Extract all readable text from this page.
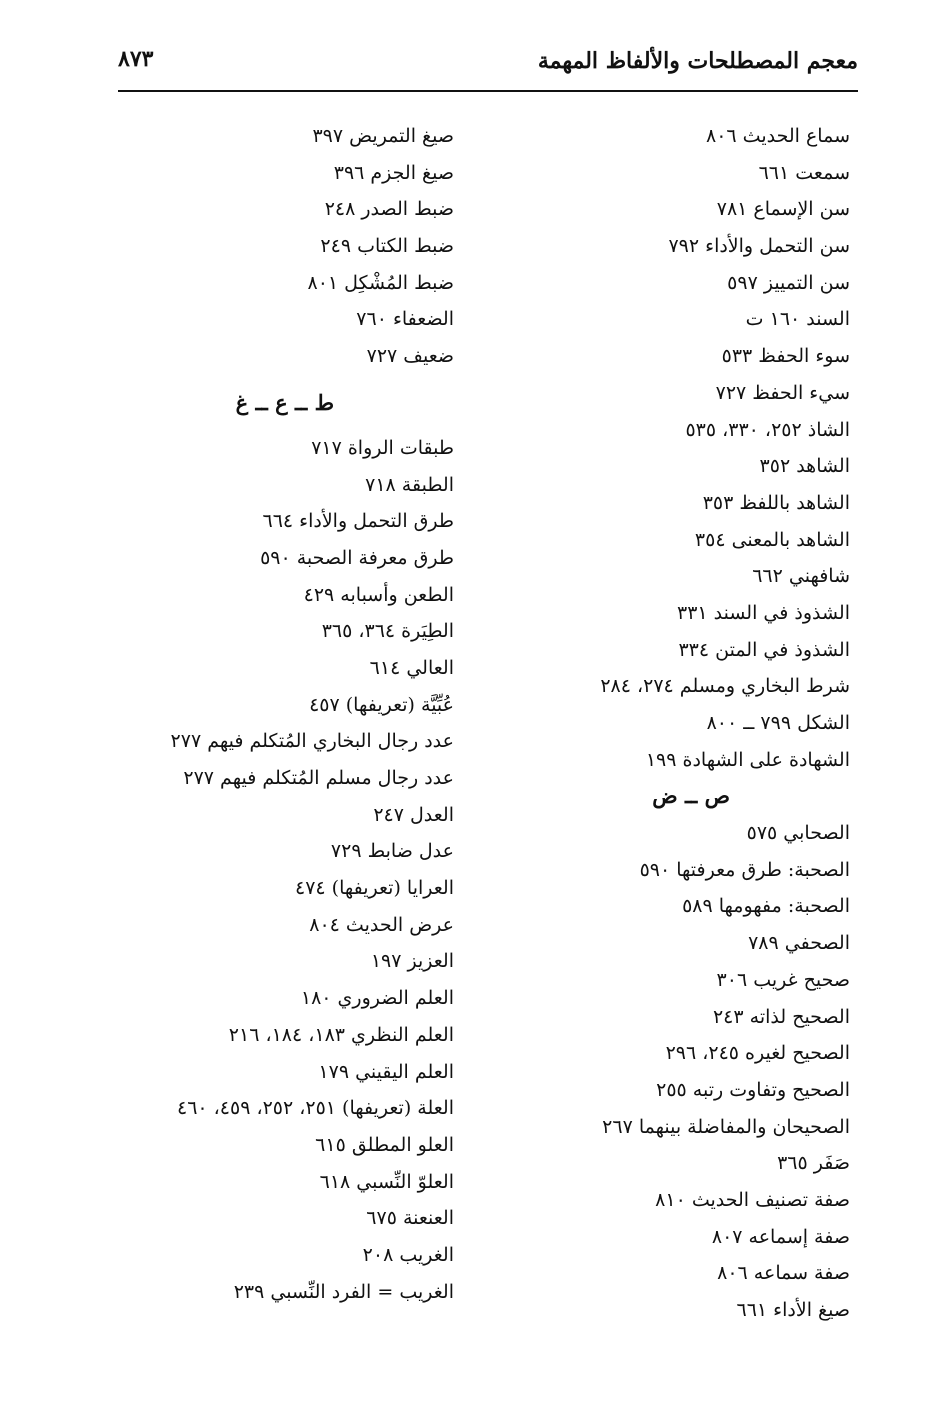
معجم المصطلحات والألفاظ المهمة
٨٧٣
سماع الحديث ٨٠٦
سمعت ٦٦١
سن الإسماع ٧٨١
سن التحمل والأداء ٧٩٢
سن التمييز ٥٩٧
السند ١٦٠ ت
سوء الحفظ ٥٣٣
سيء الحفظ ٧٢٧
الشاذ ٢٥٢، ٣٣٠، ٥٣٥
الشاهد ٣٥٢
الشاهد باللفظ ٣٥٣
الشاهد بالمعنى ٣٥٤
شافهني ٦٦٢
الشذوذ في السند ٣٣١
الشذوذ في المتن ٣٣٤
شرط البخاري ومسلم ٢٧٤، ٢٨٤
الشكل ٧٩٩ ــ ٨٠٠
الشهادة على الشهادة ١٩٩
ص ــ ض
الصحابي ٥٧٥
الصحبة: طرق معرفتها ٥٩٠
الصحبة: مفهومها ٥٨٩
الصحفي ٧٨٩
صحيح غريب ٣٠٦
الصحيح لذاته ٢٤٣
الصحيح لغيره ٢٤٥، ٢٩٦
الصحيح وتفاوت رتبه ٢٥٥
الصحيحان والمفاضلة بينهما ٢٦٧
صَفَر ٣٦٥
صفة تصنيف الحديث ٨١٠
صفة إسماعه ٨٠٧
صفة سماعه ٨٠٦
صيغ الأداء ٦٦١
صيغ التمريض ٣٩٧
صيغ الجزم ٣٩٦
ضبط الصدر ٢٤٨
ضبط الكتاب ٢٤٩
ضبط المُشْكِل ٨٠١
الضعفاء ٧٦٠
ضعيف ٧٢٧
ط ــ ع ــ غ
طبقات الرواة ٧١٧
الطبقة ٧١٨
طرق التحمل والأداء ٦٦٤
طرق معرفة الصحبة ٥٩٠
الطعن وأسبابه ٤٢٩
الطِيَرة ٣٦٤، ٣٦٥
العالي ٦١٤
عُبِّيَّة (تعريفها) ٤٥٧
عدد رجال البخاري المُتكلم فيهم ٢٧٧
عدد رجال مسلم المُتكلم فيهم ٢٧٧
العدل ٢٤٧
عدل ضابط ٧٢٩
العرايا (تعريفها) ٤٧٤
عرض الحديث ٨٠٤
العزيز ١٩٧
العلم الضروري ١٨٠
العلم النظري ١٨٣، ١٨٤، ٢١٦
العلم اليقيني ١٧٩
العلة (تعريفها) ٢٥١، ٢٥٢، ٤٥٩، ٤٦٠
العلو المطلق ٦١٥
العلوّ النِّسبي ٦١٨
العنعنة ٦٧٥
الغريب ٢٠٨
الغريب = الفرد النِّسبي ٢٣٩
